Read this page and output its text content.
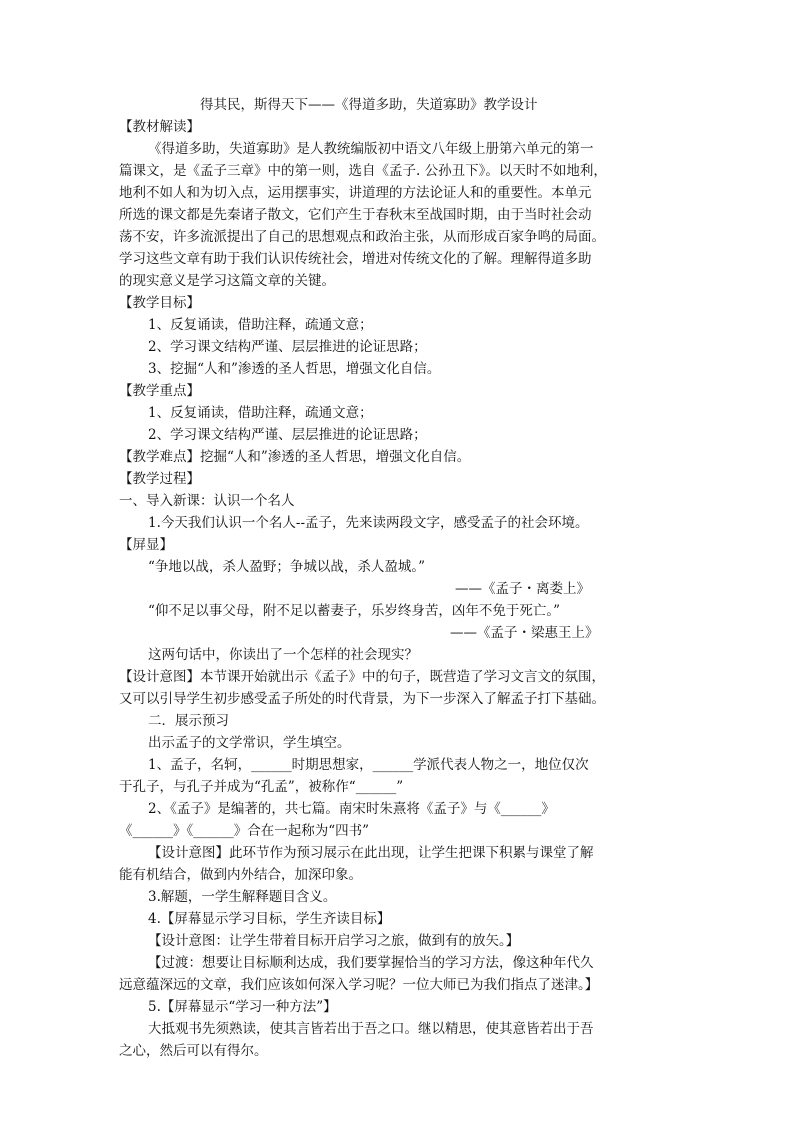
得其民，斯得天下——《得道多助，失道寡助》教学设计
【教材解读】
《得道多助，失道寡助》是人教统编版初中语文八年级上册第六单元的第一
篇课文，是《孟子三章》中的第一则，选自《孟子. 公孙丑下》。以天时不如地利，
地利不如人和为切入点，运用摆事实，讲道理的方法论证人和的重要性。本单元
所选的课文都是先秦诸子散文，它们产生于春秋末至战国时期，由于当时社会动
荡不安，许多流派提出了自己的思想观点和政治主张，从而形成百家争鸣的局面。
学习这些文章有助于我们认识传统社会，增进对传统文化的了解。理解得道多助
的现实意义是学习这篇文章的关键。
【教学目标】
1、反复诵读，借助注释，疏通文意；
2、学习课文结构严谨、层层推进的论证思路；
3、挖掘“人和”渗透的圣人哲思，增强文化自信。
【教学重点】
1、反复诵读，借助注释，疏通文意；
2、学习课文结构严谨、层层推进的论证思路；
【教学难点】挖掘“人和”渗透的圣人哲思，增强文化自信。
【教学过程】
一、导入新课：认识一个名人
1.今天我们认识一个名人--孟子，先来读两段文字，感受孟子的社会环境。
【屏显】
“争地以战，杀人盈野；争城以战，杀人盈城。”
——《孟子・离娄上》
“仰不足以事父母，附不足以蓄妻子，乐岁终身苦，凶年不免于死亡。”
——《孟子・梁惠王上》
这两句话中，你读出了一个怎样的社会现实？
【设计意图】本节课开始就出示《孟子》中的句子，既营造了学习文言文的氛围，
又可以引导学生初步感受孟子所处的时代背景，为下一步深入了解孟子打下基础。
二．展示预习
出示孟子的文学常识，学生填空。
1、孟子，名轲，______时期思想家，______学派代表人物之一，地位仅次
于孔子，与孔子并成为“孔孟”，被称作“______”
2、《孟子》是编著的，共七篇。南宋时朱熹将《孟子》与《______》
《______》《______》合在一起称为“四书”
【设计意图】此环节作为预习展示在此出现，让学生把课下积累与课堂了解
能有机结合，做到内外结合，加深印象。
3.解题，一学生解释题目含义。
4.【屏幕显示学习目标，学生齐读目标】
【设计意图：让学生带着目标开启学习之旅，做到有的放矢。】
【过渡：想要让目标顺利达成，我们要掌握恰当的学习方法，像这种年代久
远意蕴深远的文章，我们应该如何深入学习呢？一位大师已为我们指点了迷津。】
5.【屏幕显示“学习一种方法”】
大抵观书先须熟读，使其言皆若出于吾之口。继以精思，使其意皆若出于吾
之心，然后可以有得尔。
